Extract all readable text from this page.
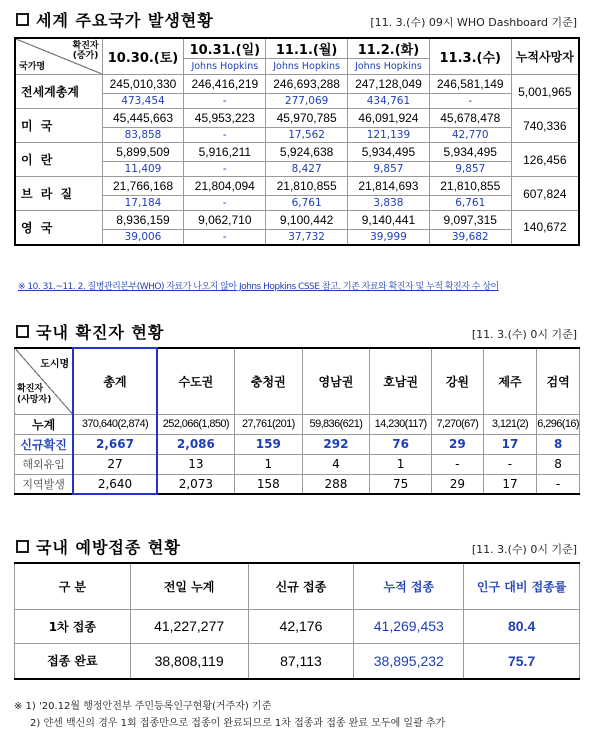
세계 주요국가 발생현황	[11. 3.(수) 09시 WHO Dashboard 기준]
확진자
(증가)
국가명	10.30.(토)	10.31.(일)	11.1.(월)	11.2.(화)	11.3.(수)	누적사망자
		Johns Hopkins	Johns Hopkins	Johns Hopkins		
전세계총계	245,010,330	246,416,219	246,693,288	247,128,049	246,581,149	5,001,965
	473,454	-	277,069	434,761	-	
미 국	45,445,663	45,953,223	45,970,785	46,091,924	45,678,478	740,336
	83,858	-	17,562	121,139	42,770	
이 란	5,899,509	5,916,211	5,924,638	5,934,495	5,934,495	126,456
	11,409	-	8,427	9,857	9,857	
브 라 질	21,766,168	21,804,094	21,810,855	21,814,693	21,810,855	607,824
	17,184	-	6,761	3,838	6,761	
영 국	8,936,159	9,062,710	9,100,442	9,140,441	9,097,315	140,672
	39,006	-	37,732	39,999	39,682	
※ 10. 31.~11. 2. 질병관리본부(WHO) 자료가 나오지 않아 Johns Hopkins CSSE 참고. 기존 자료와 확진자 및 누적 확진자 수 상이
국내 확진자 현황	[11. 3.(수) 0시 기준]
도시명
확진자
(사망자)	총계	수도권	충청권	영남권	호남권	강원	제주	검역
누계	370,640(2,874)	252,066(1,850)	27,761(201)	59,836(621)	14,230(117)	7,270(67)	3,121(2)	6,296(16)
신규확진	2,667	2,086	159	292	76	29	17	8
해외유입	27	13	1	4	1	-	-	8
지역발생	2,640	2,073	158	288	75	29	17	-
국내 예방접종 현황	[11. 3.(수) 0시 기준]
구 분	전일 누계	신규 접종	누적 접종	인구 대비 접종률
1차 접종	41,227,277	42,176	41,269,453	80.4
접종 완료	38,808,119	87,113	38,895,232	75.7
※ 1) '20.12월 행정안전부 주민등록인구현황(거주자) 기준
2) 얀센 백신의 경우 1회 접종만으로 접종이 완료되므로 1차 접종과 접종 완료 모두에 일괄 추가
